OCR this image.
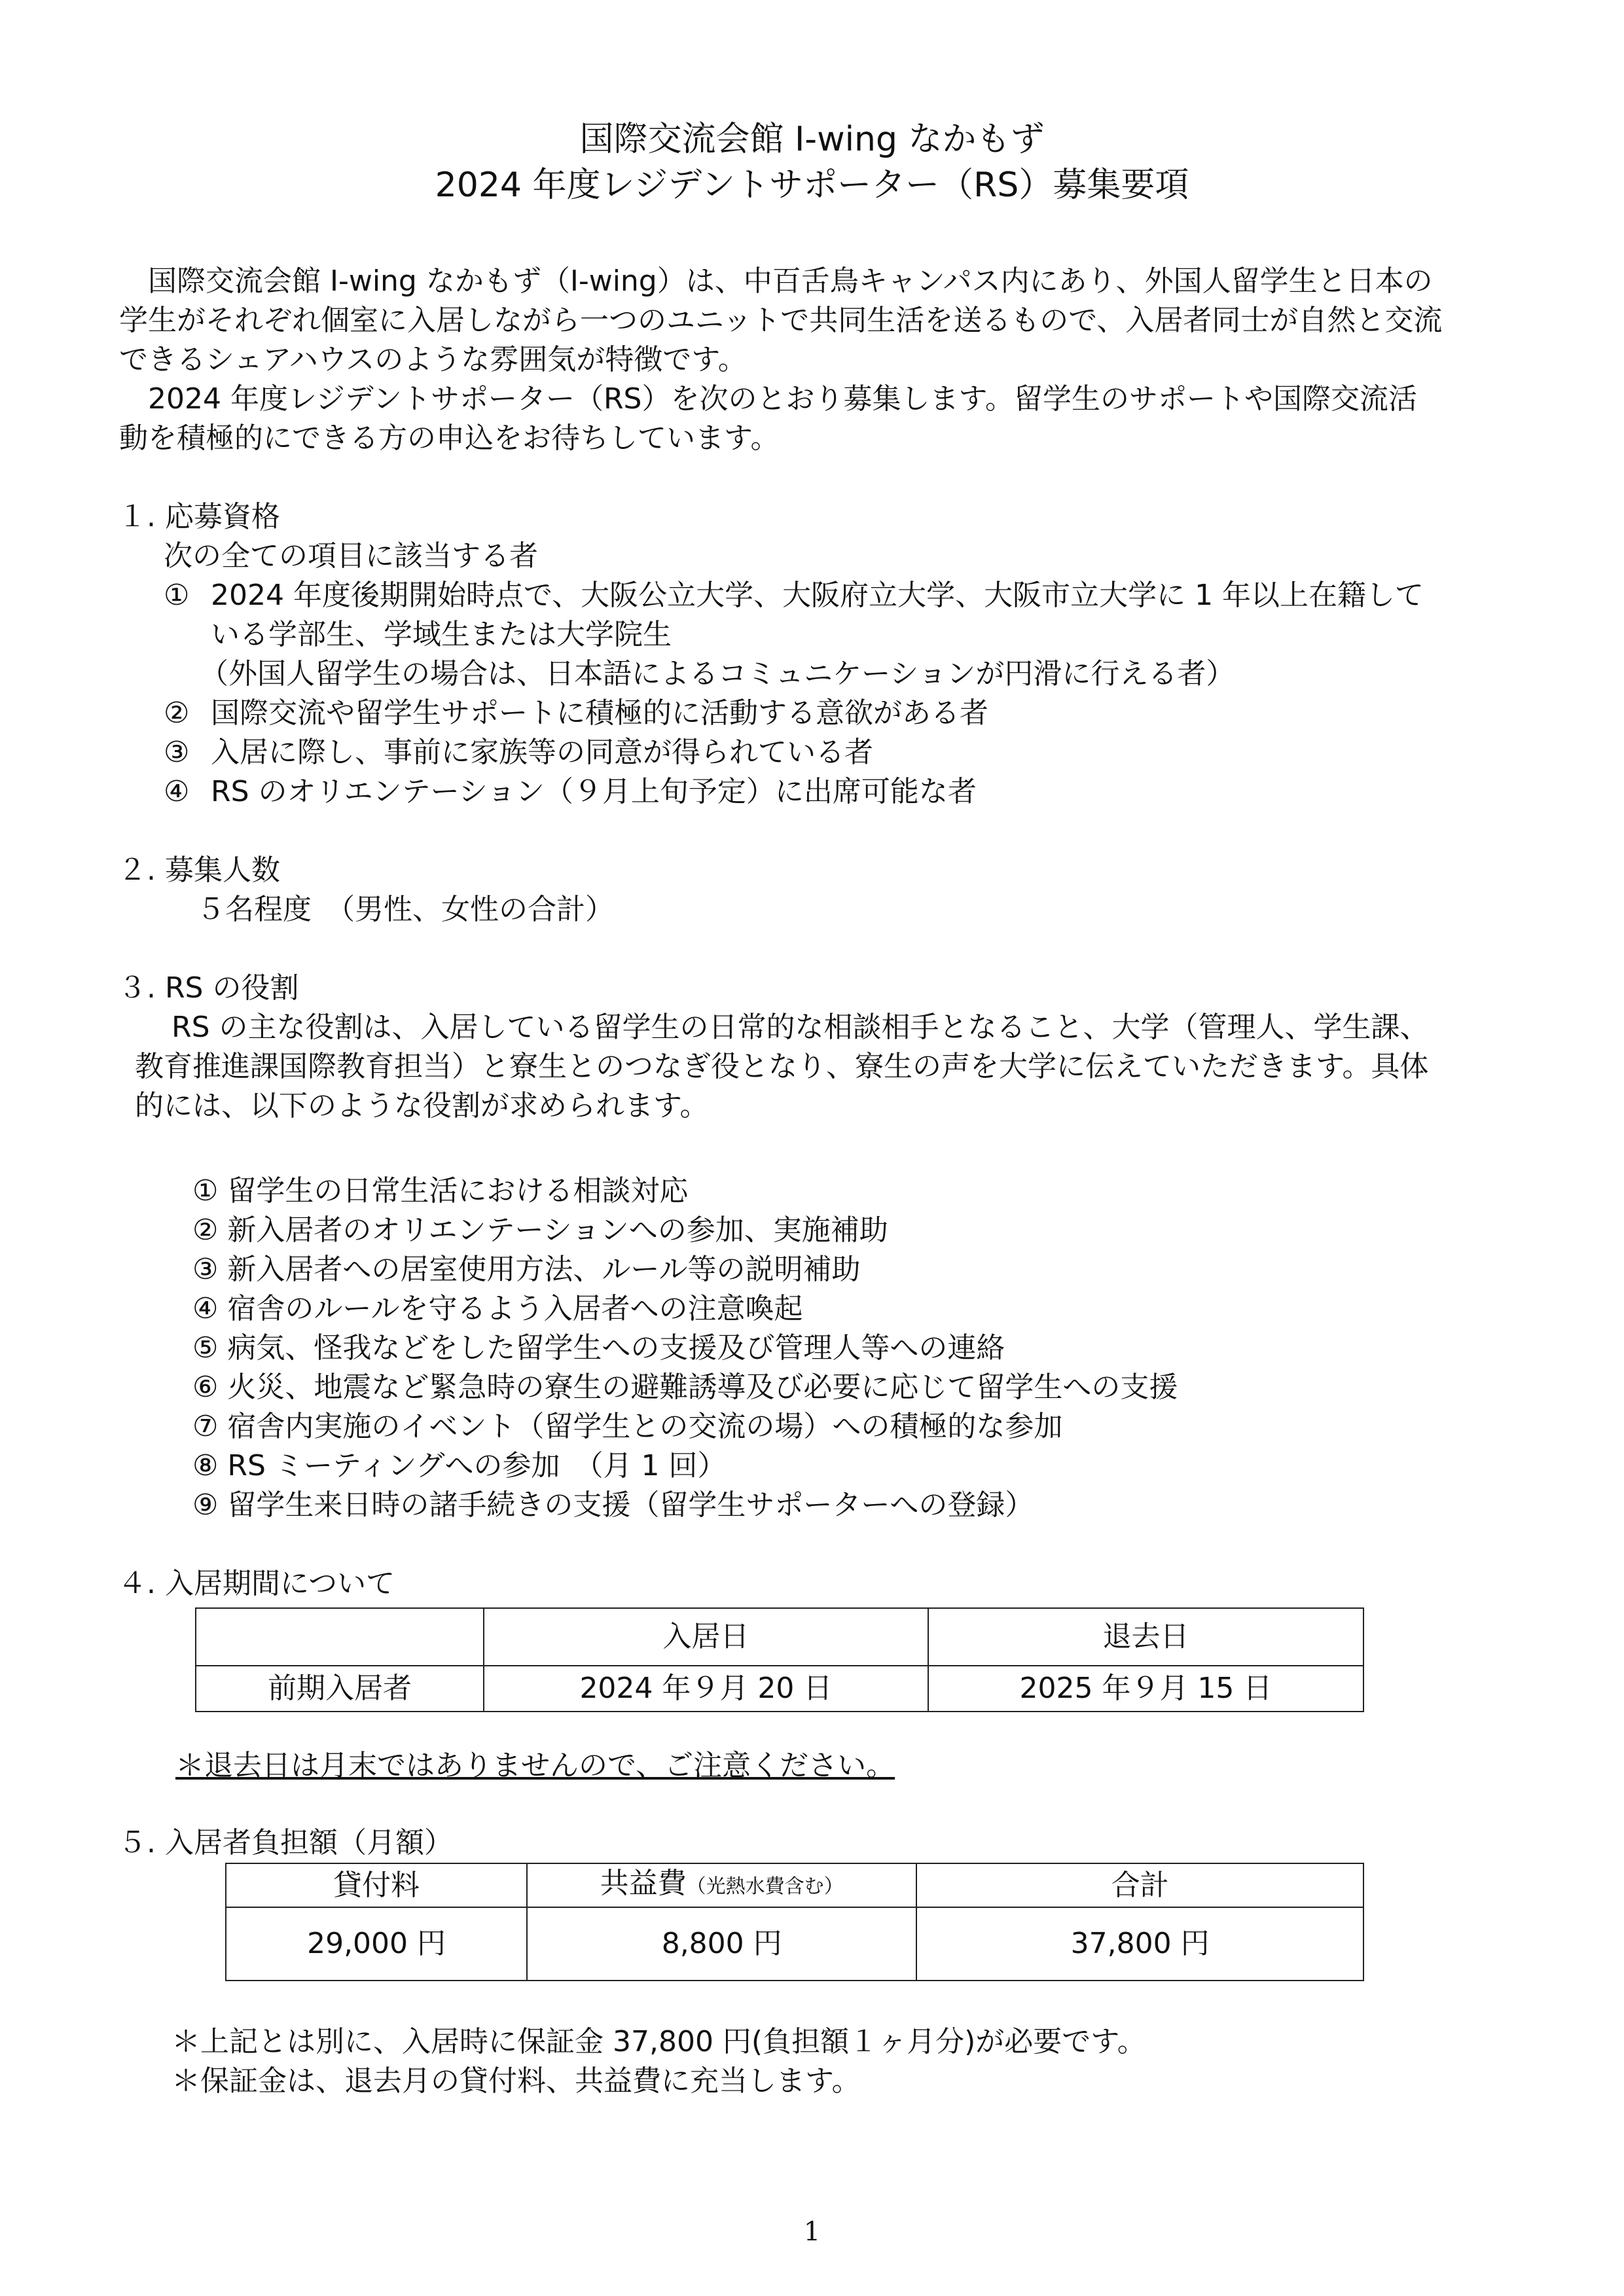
国際交流会館 I-wing なかもず
2024 年度レジデントサポーター（RS）募集要項

国際交流会館 I-wing なかもず（I-wing）は、中百舌鳥キャンパス内にあり、外国人留学生と日本の
学生がそれぞれ個室に入居しながら一つのユニットで共同生活を送るもので、入居者同士が自然と交流
できるシェアハウスのような雰囲気が特徴です。

2024 年度レジデントサポーター（RS）を次のとおり募集します。留学生のサポートや国際交流活
動を積極的にできる方の申込をお待ちしています。

１. 応募資格
次の全ての項目に該当する者
① 2024 年度後期開始時点で、大阪公立大学、大阪府立大学、大阪市立大学に 1 年以上在籍して
いる学部生、学域生または大学院生
（外国人留学生の場合は、日本語によるコミュニケーションが円滑に行える者）
② 国際交流や留学生サポートに積極的に活動する意欲がある者
③ 入居に際し、事前に家族等の同意が得られている者
④ RS のオリエンテーション（９月上旬予定）に出席可能な者
２. 募集人数
５名程度　（男性、女性の合計）
３. RS の役割
RS の主な役割は、入居している留学生の日常的な相談相手となること、大学（管理人、学生課、
教育推進課国際教育担当）と寮生とのつなぎ役となり、寮生の声を大学に伝えていただきます。具体
的には、以下のような役割が求められます。
① 留学生の日常生活における相談対応
② 新入居者のオリエンテーションへの参加、実施補助
③ 新入居者への居室使用方法、ルール等の説明補助
④ 宿舎のルールを守るよう入居者への注意喚起
⑤ 病気、怪我などをした留学生への支援及び管理人等への連絡
⑥ 火災、地震など緊急時の寮生の避難誘導及び必要に応じて留学生への支援
⑦ 宿舎内実施のイベント（留学生との交流の場）への積極的な参加
⑧ RS ミーティングへの参加　（月 1 回）
⑨ 留学生来日時の諸手続きの支援（留学生サポーターへの登録）
４. 入居期間について
	入居日	退去日
前期入居者	2024 年９月 20 日	2025 年９月 15 日
＊退去日は月末ではありませんので、ご注意ください。
５. 入居者負担額（月額）
貸付料	共益費（光熱水費含む）	合計
29,000 円	8,800 円	37,800 円
＊上記とは別に、入居時に保証金 37,800 円(負担額１ヶ月分)が必要です。
＊保証金は、退去月の貸付料、共益費に充当します。
1
